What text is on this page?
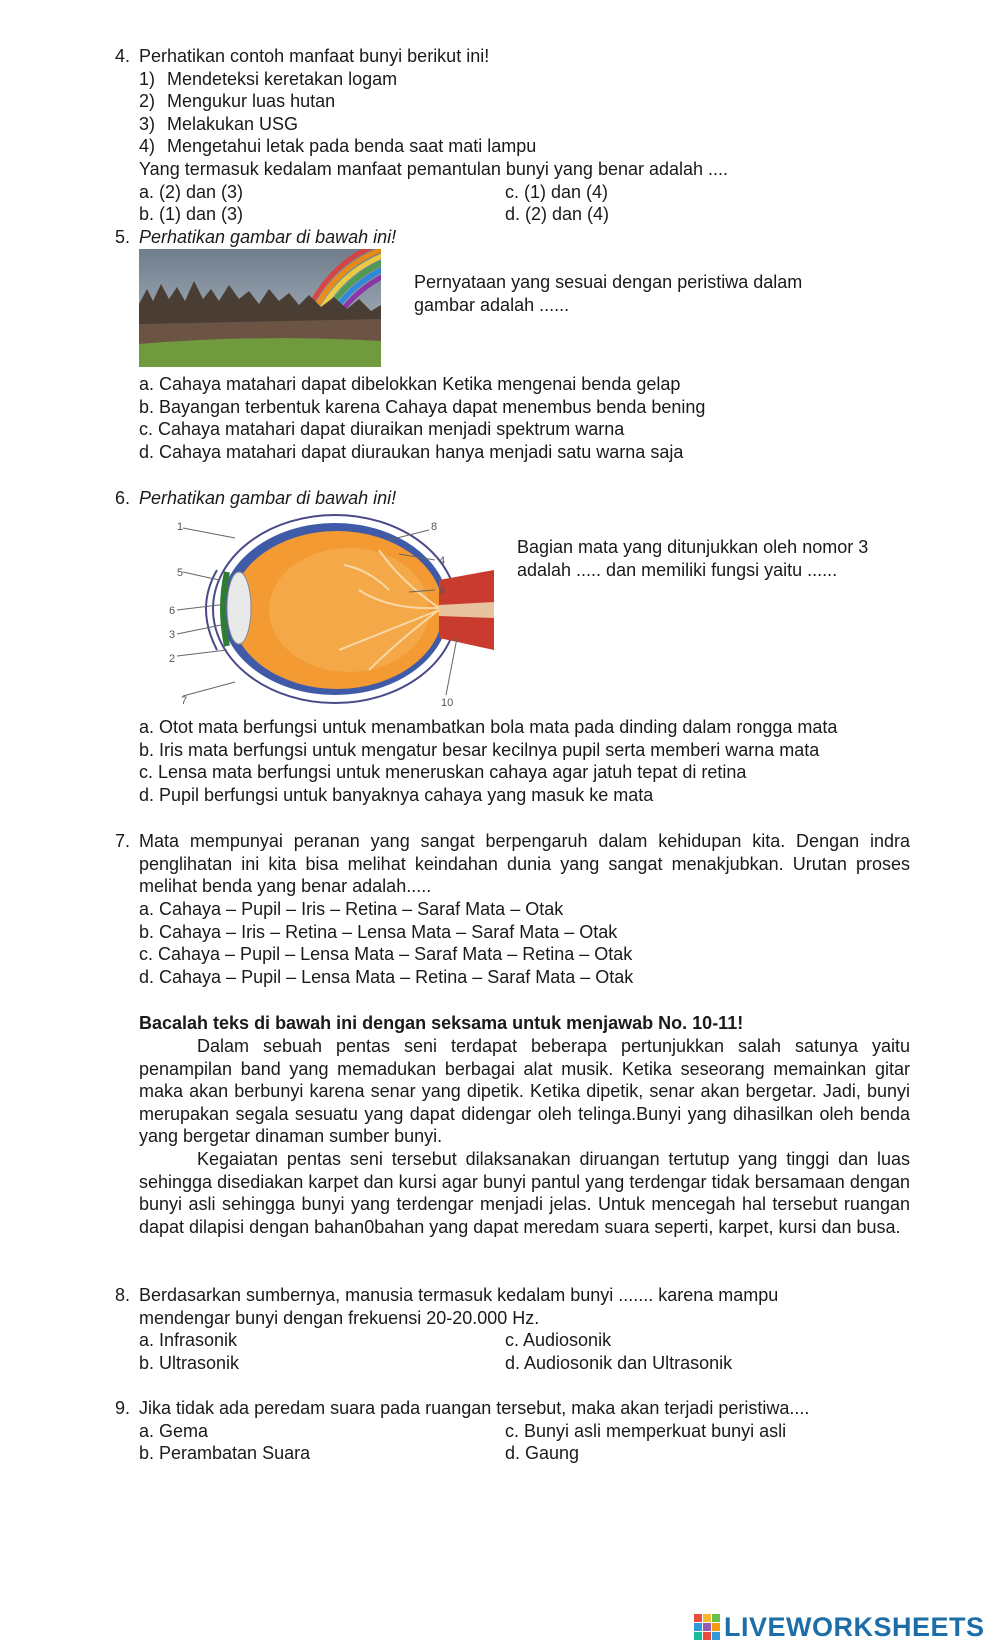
4. Perhatikan contoh manfaat bunyi berikut ini!
1) Mendeteksi keretakan logam
2) Mengukur luas hutan
3) Melakukan USG
4) Mengetahui letak pada benda saat mati lampu
Yang termasuk kedalam manfaat pemantulan bunyi yang benar adalah ....
a. (2) dan (3)	c. (1) dan (4)
b. (1) dan (3)	d. (2) dan (4)
5. Perhatikan gambar di bawah ini!
Pernyataan yang sesuai dengan peristiwa dalam gambar adalah ......
a. Cahaya matahari dapat dibelokkan Ketika mengenai benda gelap
b. Bayangan terbentuk karena Cahaya dapat menembus benda bening
c. Cahaya matahari dapat diuraikan menjadi spektrum warna
d. Cahaya matahari dapat diuraukan hanya menjadi satu warna saja
6. Perhatikan gambar di bawah ini!
1
2
3
4
5
6
7
8
9
10
Bagian mata yang ditunjukkan oleh nomor 3 adalah ..... dan memiliki fungsi yaitu ......
a. Otot mata berfungsi untuk menambatkan bola mata pada dinding dalam rongga mata
b. Iris mata berfungsi untuk mengatur besar kecilnya pupil serta memberi warna mata
c. Lensa mata berfungsi untuk meneruskan cahaya agar jatuh tepat di retina
d. Pupil berfungsi untuk banyaknya cahaya yang masuk ke mata
7. Mata mempunyai peranan yang sangat berpengaruh dalam kehidupan kita. Dengan indra penglihatan ini kita bisa melihat keindahan dunia yang sangat menakjubkan. Urutan proses melihat benda yang benar adalah.....
a. Cahaya – Pupil – Iris – Retina – Saraf Mata – Otak
b. Cahaya – Iris – Retina – Lensa Mata – Saraf Mata – Otak
c. Cahaya – Pupil – Lensa Mata – Saraf Mata – Retina – Otak
d. Cahaya – Pupil – Lensa Mata – Retina – Saraf Mata – Otak
Bacalah teks di bawah ini dengan seksama untuk menjawab No. 10-11!
Dalam sebuah pentas seni terdapat beberapa pertunjukkan salah satunya yaitu penampilan band yang memadukan berbagai alat musik. Ketika seseorang memainkan gitar maka akan berbunyi karena senar yang dipetik. Ketika dipetik, senar akan bergetar. Jadi, bunyi merupakan segala sesuatu yang dapat didengar oleh telinga.Bunyi yang dihasilkan oleh benda yang bergetar dinaman sumber bunyi.
Kegaiatan pentas seni tersebut dilaksanakan diruangan tertutup yang tinggi dan luas sehingga disediakan karpet dan kursi agar bunyi pantul yang terdengar tidak bersamaan dengan bunyi asli sehingga bunyi yang terdengar menjadi jelas. Untuk mencegah hal tersebut ruangan dapat dilapisi dengan bahan0bahan yang dapat meredam suara seperti, karpet, kursi dan busa.
8. Berdasarkan sumbernya, manusia termasuk kedalam bunyi ....... karena mampu
mendengar bunyi dengan frekuensi 20-20.000 Hz.
a. Infrasonik	c. Audiosonik
b. Ultrasonik	d. Audiosonik dan Ultrasonik
9. Jika tidak ada peredam suara pada ruangan tersebut, maka akan terjadi peristiwa....
a. Gema	c. Bunyi asli memperkuat bunyi asli
b. Perambatan Suara	d. Gaung
LIVEWORKSHEETS
